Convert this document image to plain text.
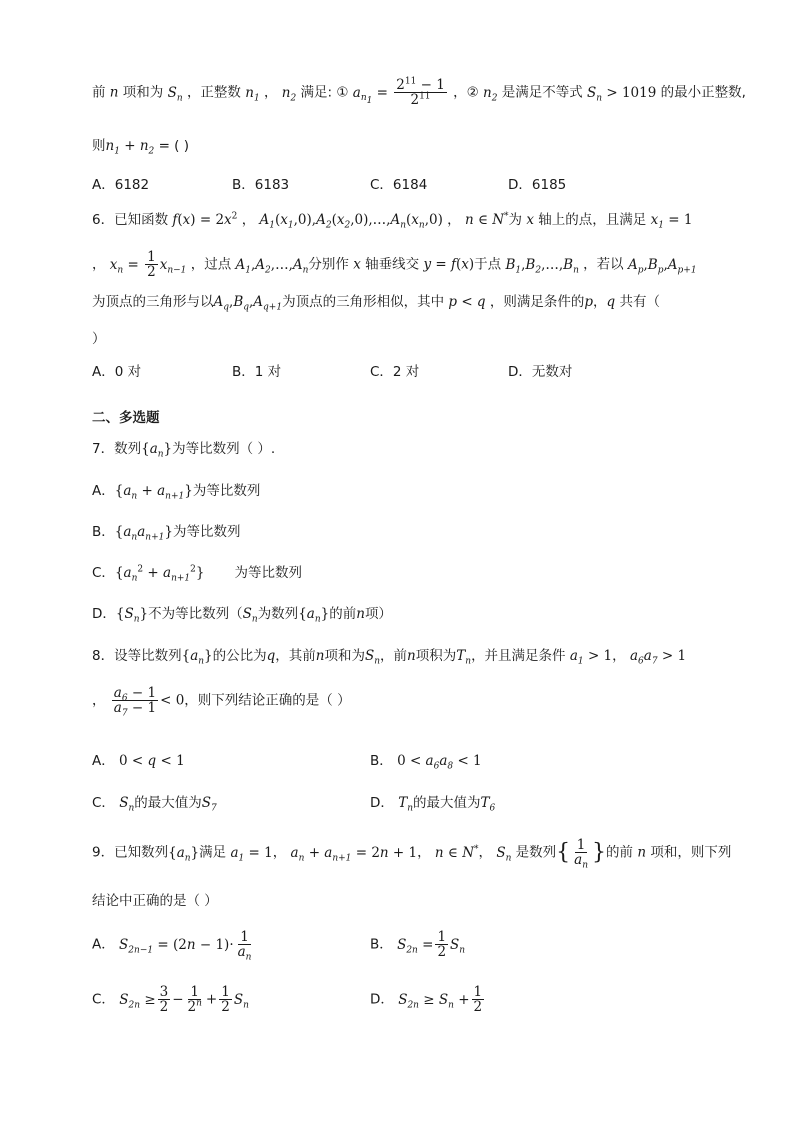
前 n 项和为 $S_n$ ，正整数 $n_1$ ， $n_2$ 满足: ① $a_{n_1} = \frac{2^{11} - 1}{2^{11}}$ ，② $n_2$ 是满足不等式 $S_n > 1019$ 的最小正整数,
则$n_1 + n_2$ = ( )
A．6182	B．6183	C．6184	D．6185
6．已知函数 $f(x) = 2x^2$ ， $A_1(x_1,0),A_2(x_2,0),\dots,A_n(x_n,0)$ ， n ∈ N*为 x 轴上的点，且满足 $x_1 = 1$
， $x_n = \frac{1}{2} x_{n-1}$ ，过点 $A_1,A_2,\dots,A_n$分别作 x 轴垂线交 y = f(x)于点 $B_1,B_2,\dots,B_n$ ，若以 $A_p,B_p,A_{p+1}$
为顶点的三角形与以$A_q,B_q,A_{q+1}$为顶点的三角形相似，其中 p < q ，则满足条件的p，q 共有（
）
A．0 对	B．1 对	C．2 对	D．无数对
二、多选题
7．数列$\{a_n\}$为等比数列（ ）.
A．$\{a_n + a_{n+1}\}$为等比数列
B．$\{a_na_{n+1}\}$为等比数列
C．$\{a_n^2 + a_{n+1}^2\}$ 为等比数列
D．$\{S_n\}$不为等比数列（$S_n$为数列$\{a_n\}$的前n项）
8．设等比数列$\{a_n\}$的公比为q，其前n项和为$S_n$，前n项积为$T_n$，并且满足条件 $a_1 > 1$， $a_6a_7 > 1$
， $\frac{a_6 - 1}{a_7 - 1} < 0$，则下列结论正确的是（ ）
A． 0 < q < 1	B． $0 < a_6a_8 < 1$
C． $S_n$的最大值为$S_7$	D． $T_n$的最大值为$T_6$
9．已知数列$\{a_n\}$满足 $a_1 = 1$， $a_n + a_{n+1} = 2n + 1$， n ∈ N*， $S_n$ 是数列{ $\frac{1}{a_n}$ }的前 n 项和，则下列
结论中正确的是（ ）
A． $S_{2n-1} = (2n - 1)\cdot \frac{1}{a_n}$	B． $S_{2n} = \frac{1}{2} S_n$
C． $S_{2n} \ge \frac{3}{2} - \frac{1}{2^n} + \frac{1}{2} S_n$	D． $S_{2n} \ge S_n + \frac{1}{2}$
